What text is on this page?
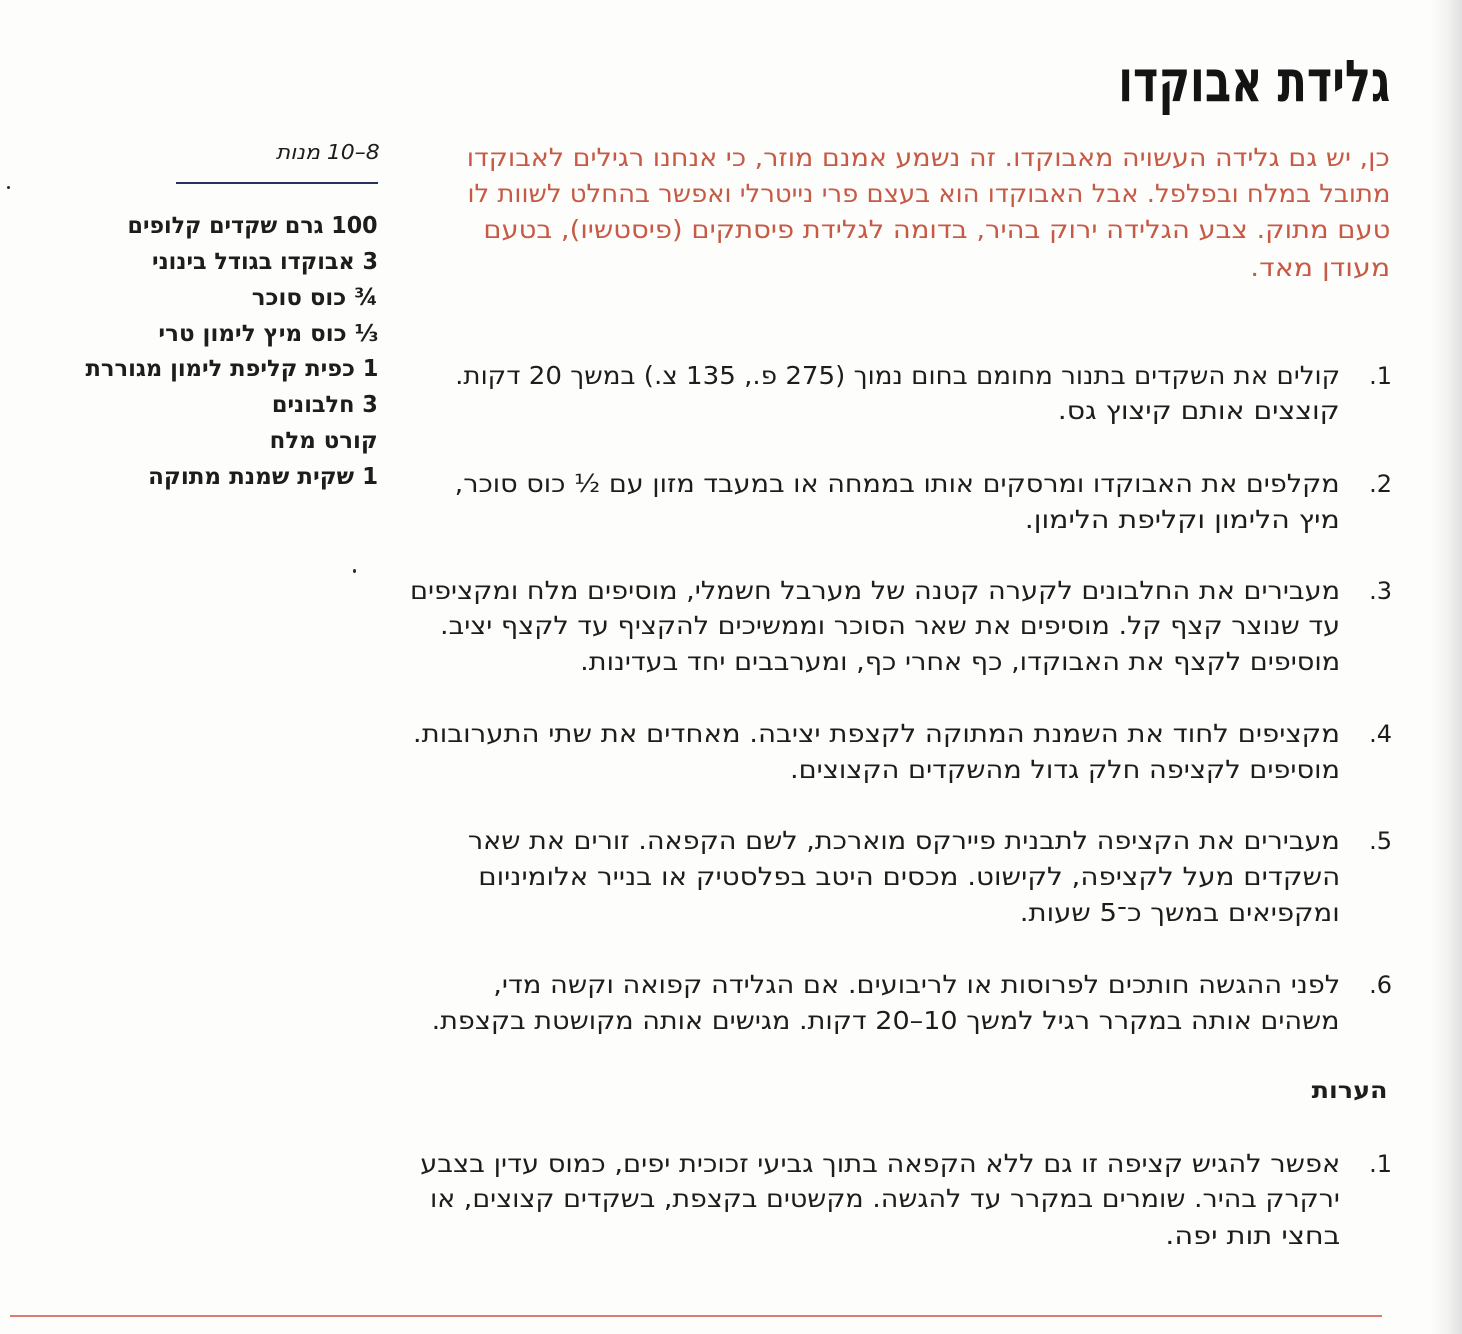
גלידת אבוקדו
8–10 מנות
100 גרם שקדים קלופים
3 אבוקדו בגודל בינוני
¾ כוס סוכר
⅓ כוס מיץ לימון טרי
1 כפית קליפת לימון מגוררת
3 חלבונים
קורט מלח
1 שקית שמנת מתוקה
כן, יש גם גלידה העשויה מאבוקדו. זה נשמע אמנם מוזר, כי אנחנו רגילים לאבוקדו
מתובל במלח ובפלפל. אבל האבוקדו הוא בעצם פרי נייטרלי ואפשר בהחלט לשוות לו
טעם מתוק. צבע הגלידה ירוק בהיר, בדומה לגלידת פיסתקים (פיסטשיו), בטעם
מעודן מאד.
1.
קולים את השקדים בתנור מחומם בחום נמוך (275 פ., 135 צ.) במשך 20 דקות.
קוצצים אותם קיצוץ גס.
2.
מקלפים את האבוקדו ומרסקים אותו בממחה או במעבד מזון עם ½ כוס סוכר,
מיץ הלימון וקליפת הלימון.
3.
מעבירים את החלבונים לקערה קטנה של מערבל חשמלי, מוסיפים מלח ומקציפים
עד שנוצר קצף קל. מוסיפים את שאר הסוכר וממשיכים להקציף עד לקצף יציב.
מוסיפים לקצף את האבוקדו, כף אחרי כף, ומערבבים יחד בעדינות.
4.
מקציפים לחוד את השמנת המתוקה לקצפת יציבה. מאחדים את שתי התערובות.
מוסיפים לקציפה חלק גדול מהשקדים הקצוצים.
5.
מעבירים את הקציפה לתבנית פיירקס מוארכת, לשם הקפאה. זורים את שאר
השקדים מעל לקציפה, לקישוט. מכסים היטב בפלסטיק או בנייר אלומיניום
ומקפיאים במשך כ־5 שעות.
6.
לפני ההגשה חותכים לפרוסות או לריבועים. אם הגלידה קפואה וקשה מדי,
משהים אותה במקרר רגיל למשך 10–20 דקות. מגישים אותה מקושטת בקצפת.
הערות
1.
אפשר להגיש קציפה זו גם ללא הקפאה בתוך גביעי זכוכית יפים, כמוס עדין בצבע
ירקרק בהיר. שומרים במקרר עד להגשה. מקשטים בקצפת, בשקדים קצוצים, או
בחצי תות יפה.
